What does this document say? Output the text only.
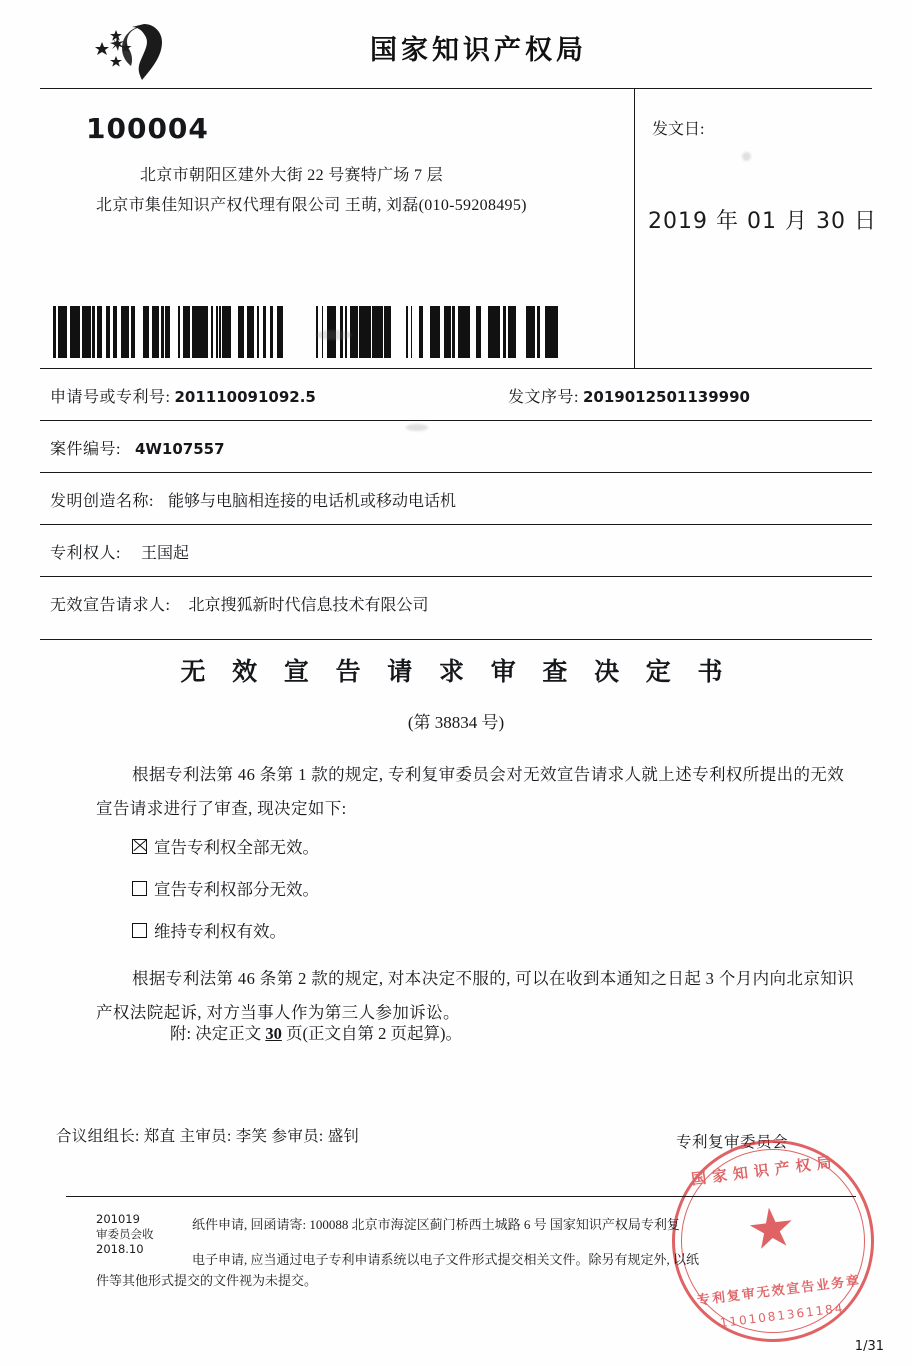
国家知识产权局
100004
北京市朝阳区建外大街 22 号赛特广场 7 层
北京市集佳知识产权代理有限公司 王萌, 刘磊(010-59208495)
发文日:
2019 年 01 月 30 日
申请号或专利号: 201110091092.5	发文序号: 2019012501139990
案件编号: 4W107557
发明创造名称: 能够与电脑相连接的电话机或移动电话机
专利权人: 王国起
无效宣告请求人: 北京搜狐新时代信息技术有限公司
无 效 宣 告 请 求 审 查 决 定 书
(第 38834 号)
根据专利法第 46 条第 1 款的规定, 专利复审委员会对无效宣告请求人就上述专利权所提出的无效宣告请求进行了审查, 现决定如下:
宣告专利权全部无效。
宣告专利权部分无效。
维持专利权有效。
根据专利法第 46 条第 2 款的规定, 对本决定不服的, 可以在收到本通知之日起 3 个月内向北京知识产权法院起诉, 对方当事人作为第三人参加诉讼。
附: 决定正文 30 页(正文自第 2 页起算)。
合议组组长: 郑直 主审员: 李笑 参审员: 盛钊	专利复审委员会
国家知识产权局
专利复审无效宣告业务章
1101081361184
201019
审委员会收
2018.10
纸件申请, 回函请寄: 100088 北京市海淀区蓟门桥西土城路 6 号 国家知识产权局专利复
电子申请, 应当通过电子专利申请系统以电子文件形式提交相关文件。除另有规定外, 以纸
件等其他形式提交的文件视为未提交。
1/31
